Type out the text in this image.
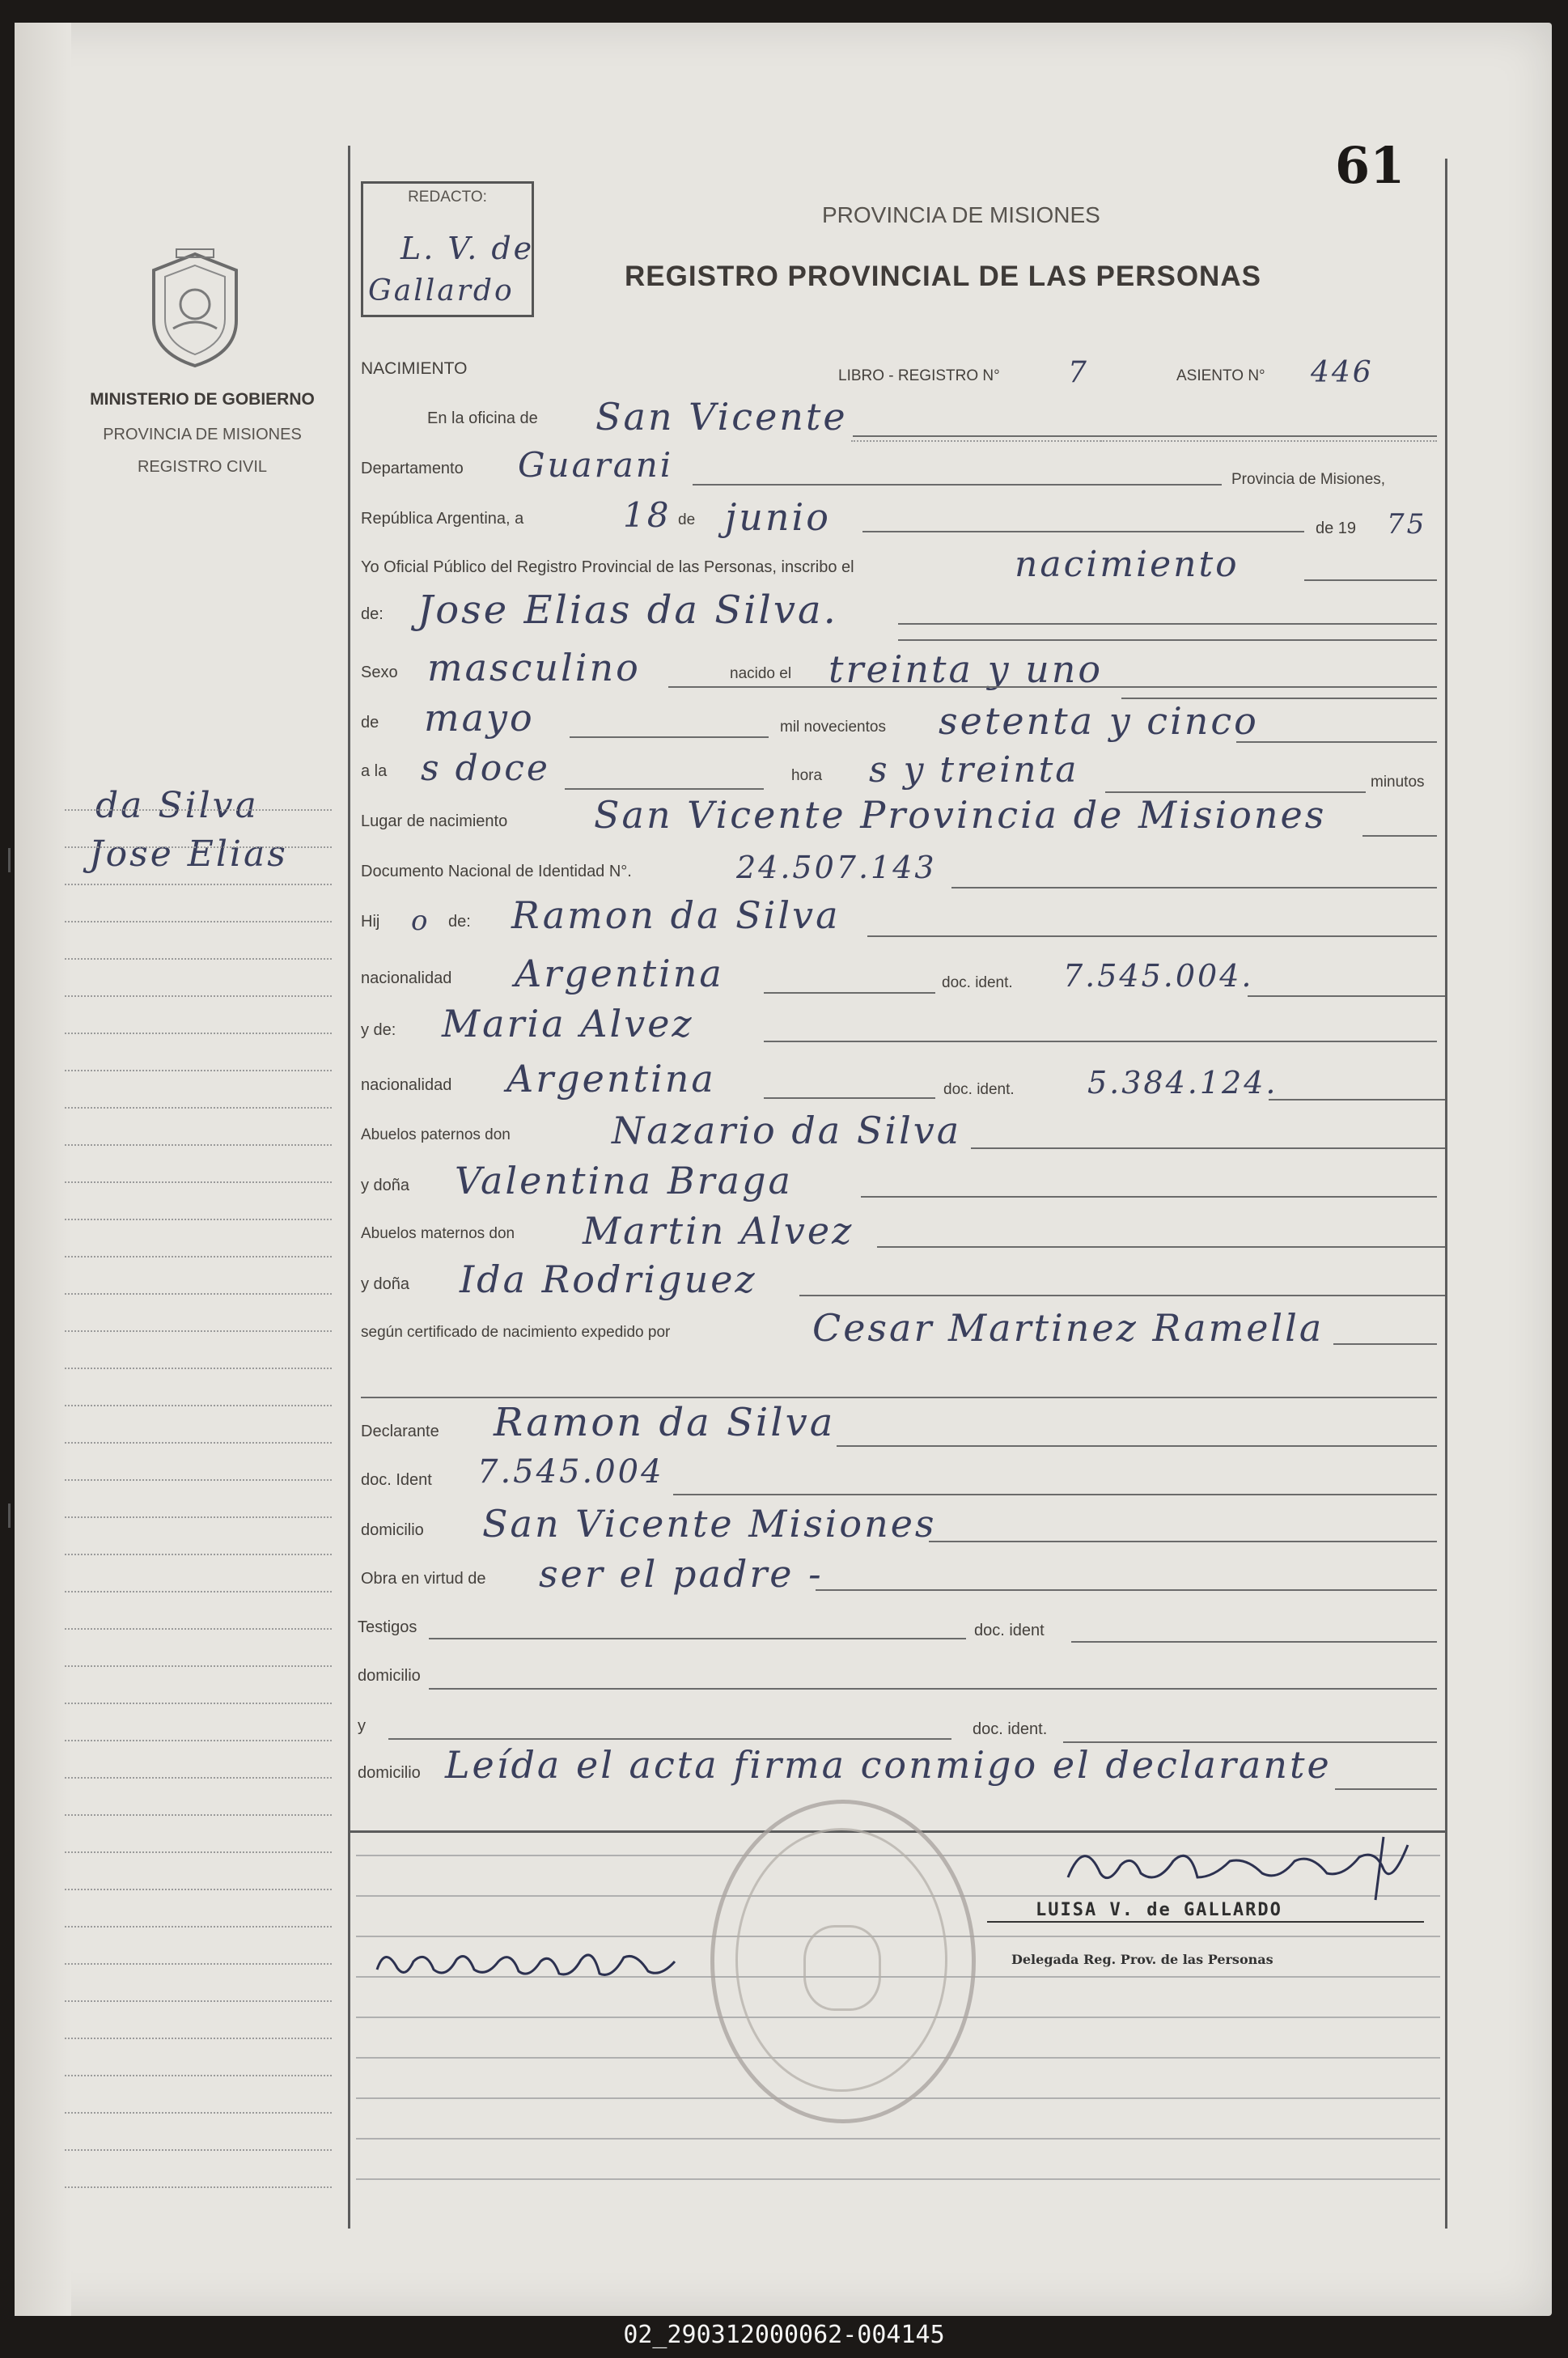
MINISTERIO DE GOBIERNO
PROVINCIA DE MISIONES
REGISTRO CIVIL
da Silva
Jose Elias
61
REDACTO:
L. V. de
Gallardo
PROVINCIA DE MISIONES
REGISTRO PROVINCIAL DE LAS PERSONAS
NACIMIENTO	LIBRO - REGISTRO N° 7	ASIENTO N° 446
En la oficina de San Vicente
Departamento Guarani	Provincia de Misiones,
República Argentina, a	18 de junio	de 19 75
Yo Oficial Público del Registro Provincial de las Personas, inscribo el	nacimiento
de: Jose Elias da Silva.
Sexo masculino	nacido el treinta y uno
de mayo	mil novecientos setenta y cinco
a la s doce	hora s y treinta	minutos
Lugar de nacimiento San Vicente Provincia de Misiones
Documento Nacional de Identidad N°.	24.507.143
Hij o de: Ramon da Silva
nacionalidad Argentina	doc. ident. 7.545.004.
y de: Maria Alvez
nacionalidad Argentina	doc. ident. 5.384.124.
Abuelos paternos don	Nazario da Silva
y doña Valentina Braga
Abuelos maternos don Martin Alvez
y doña Ida Rodriguez
según certificado de nacimiento expedido por	Cesar Martinez Ramella
Declarante Ramon da Silva
doc. Ident 7.545.004
domicilio San Vicente Misiones
Obra en virtud de ser el padre -
Testigos	doc. ident
domicilio
y	doc. ident.
domicilio Leída el acta firma conmigo el declarante
LUISA V. de GALLARDO
Delegada Reg. Prov. de las Personas
02_290312000062-004145
